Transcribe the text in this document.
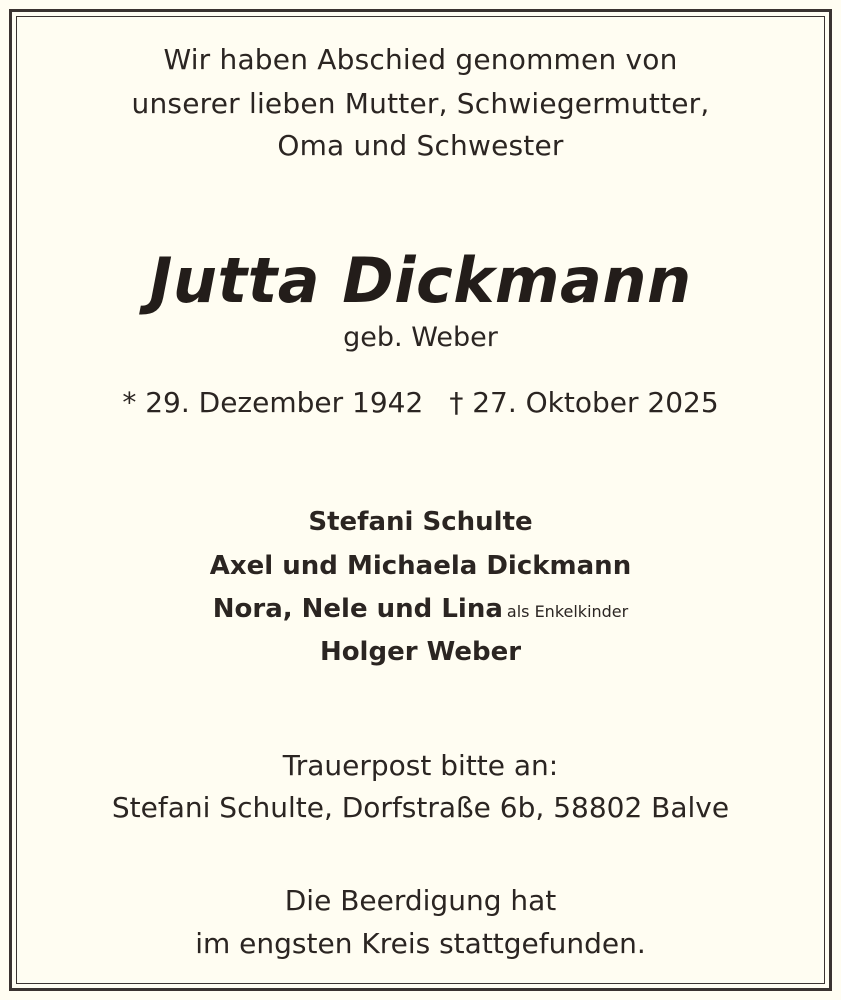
Wir haben Abschied genommen von
unserer lieben Mutter, Schwiegermutter,
Oma und Schwester
Jutta Dickmann
geb. Weber
* 29. Dezember 1942 † 27. Oktober 2025
Stefani Schulte
Axel und Michaela Dickmann
Nora, Nele und Lina als Enkelkinder
Holger Weber
Trauerpost bitte an:
Stefani Schulte, Dorfstraße 6b, 58802 Balve
Die Beerdigung hat
im engsten Kreis stattgefunden.
